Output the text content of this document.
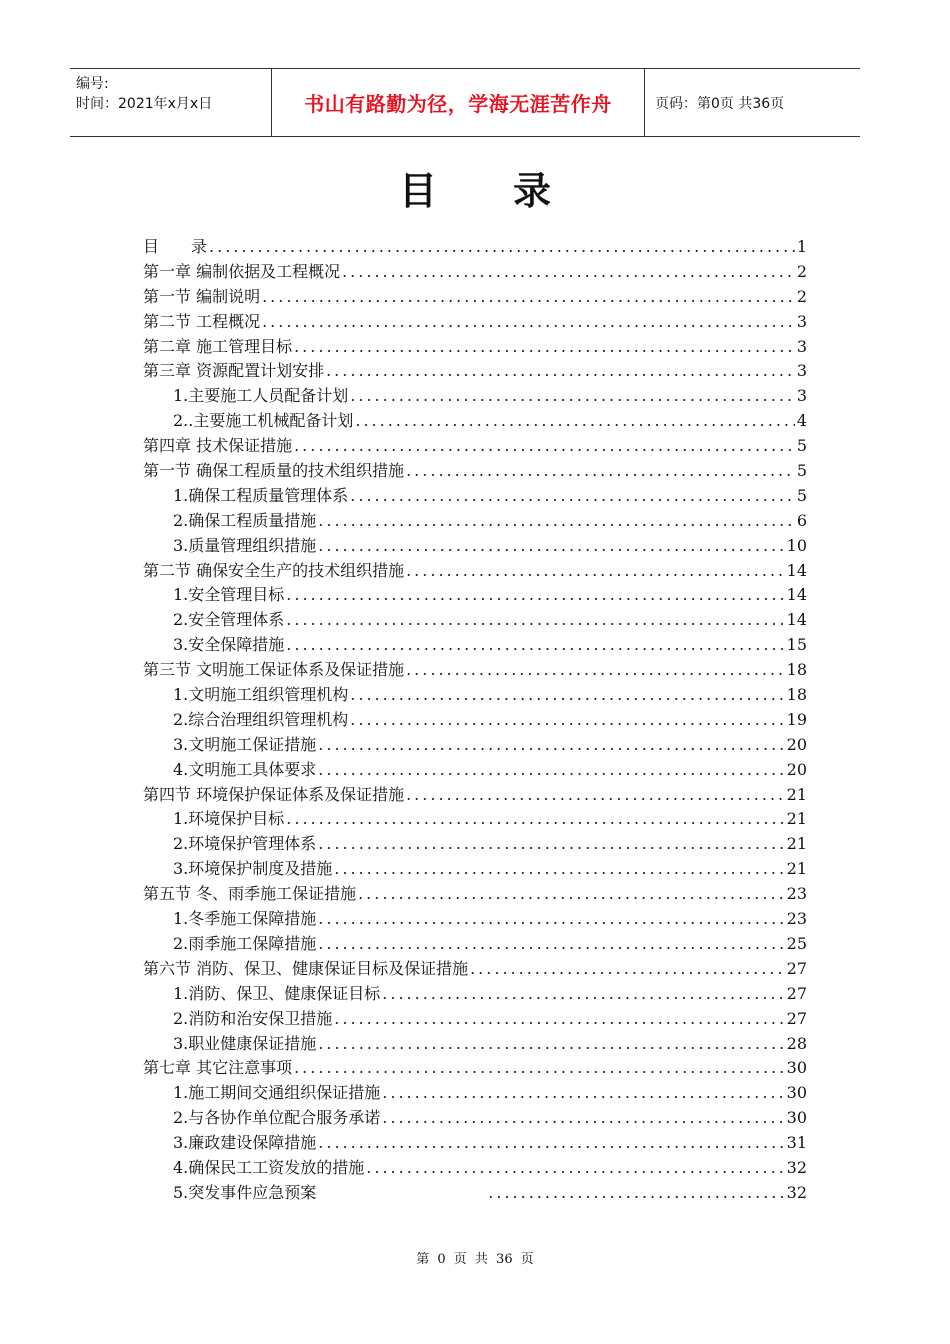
编号:
时间：2021年x月x日	书山有路勤为径，学海无涯苦作舟	页码：第0页 共36页
目　　录
目　　录 .....	1
第一章 编制依据及工程概况 .....	2
第一节 编制说明 .....	2
第二节 工程概况 .....	3
第二章 施工管理目标 .....	3
第三章 资源配置计划安排 .....	3
1.主要施工人员配备计划 .....	3
2..主要施工机械配备计划 .....	4
第四章 技术保证措施 .....	5
第一节 确保工程质量的技术组织措施 .....	5
1.确保工程质量管理体系 .....	5
2.确保工程质量措施 .....	6
3.质量管理组织措施 .....	10
第二节 确保安全生产的技术组织措施 .....	14
1.安全管理目标 .....	14
2.安全管理体系 .....	14
3.安全保障措施 .....	15
第三节 文明施工保证体系及保证措施 .....	18
1.文明施工组织管理机构 .....	18
2.综合治理组织管理机构 .....	19
3.文明施工保证措施 .....	20
4.文明施工具体要求 .....	20
第四节 环境保护保证体系及保证措施 .....	21
1.环境保护目标 .....	21
2.环境保护管理体系 .....	21
3.环境保护制度及措施 .....	21
第五节 冬、雨季施工保证措施 .....	23
1.冬季施工保障措施 .....	23
2.雨季施工保障措施 .....	25
第六节 消防、保卫、健康保证目标及保证措施 .....	27
1.消防、保卫、健康保证目标 .....	27
2.消防和治安保卫措施 .....	27
3.职业健康保证措施 .....	28
第七章 其它注意事项 .....	30
1.施工期间交通组织保证措施 .....	30
2.与各协作单位配合服务承诺 .....	30
3.廉政建设保障措施 .....	31
4.确保民工工资发放的措施 .....	32
5.突发事件应急预案 .....	32
第 0 页 共 36 页
